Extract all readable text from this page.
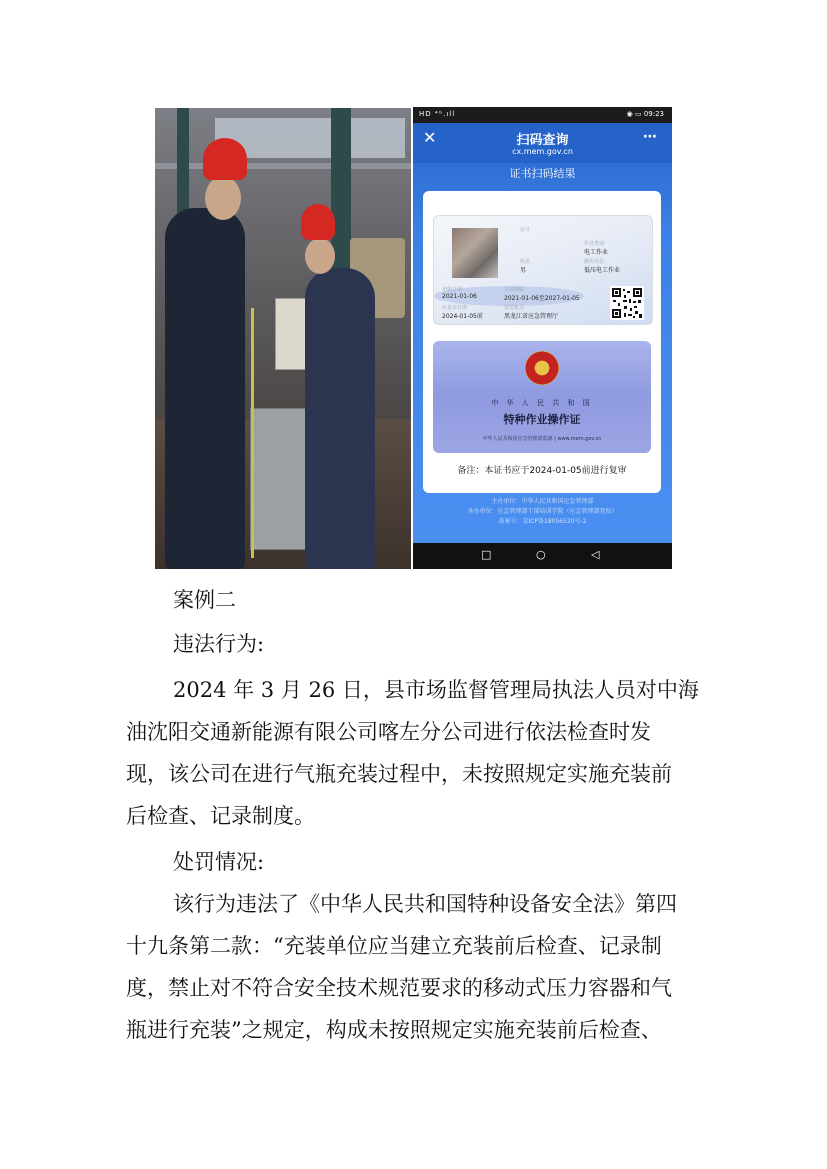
HD ⁴ᴳ.ıll	◉ ▭ 09:23
✕	扫码查询
cx.mem.gov.cn
⋯
证书扫码结果
证号
作业类别
电工作业
姓名	操作项目
男	低压电工作业
初领日期	有效期限
2021-01-06	2021-01-06至2027-01-05
应复审日期	签发机关
2024-01-05前	黑龙江省应急管理厅
中 华 人 民 共 和 国
特种作业操作证
中华人民共和国应急管理部监制 | www.mem.gov.cn
备注：本证书应于2024-01-05前进行复审
主办单位：中华人民共和国应急管理部
承办单位：应急管理部干部培训学院（应急管理部党校）
备案号：京ICP备18056520号-2
□	○	◁
案例二
违法行为:
2024 年 3 月 26 日，县市场监督管理局执法人员对中海
油沈阳交通新能源有限公司喀左分公司进行依法检查时发
现，该公司在进行气瓶充装过程中，未按照规定实施充装前
后检查、记录制度。
处罚情况:
该行为违法了《中华人民共和国特种设备安全法》第四
十九条第二款：“充装单位应当建立充装前后检查、记录制
度，禁止对不符合安全技术规范要求的移动式压力容器和气
瓶进行充装”之规定，构成未按照规定实施充装前后检查、
